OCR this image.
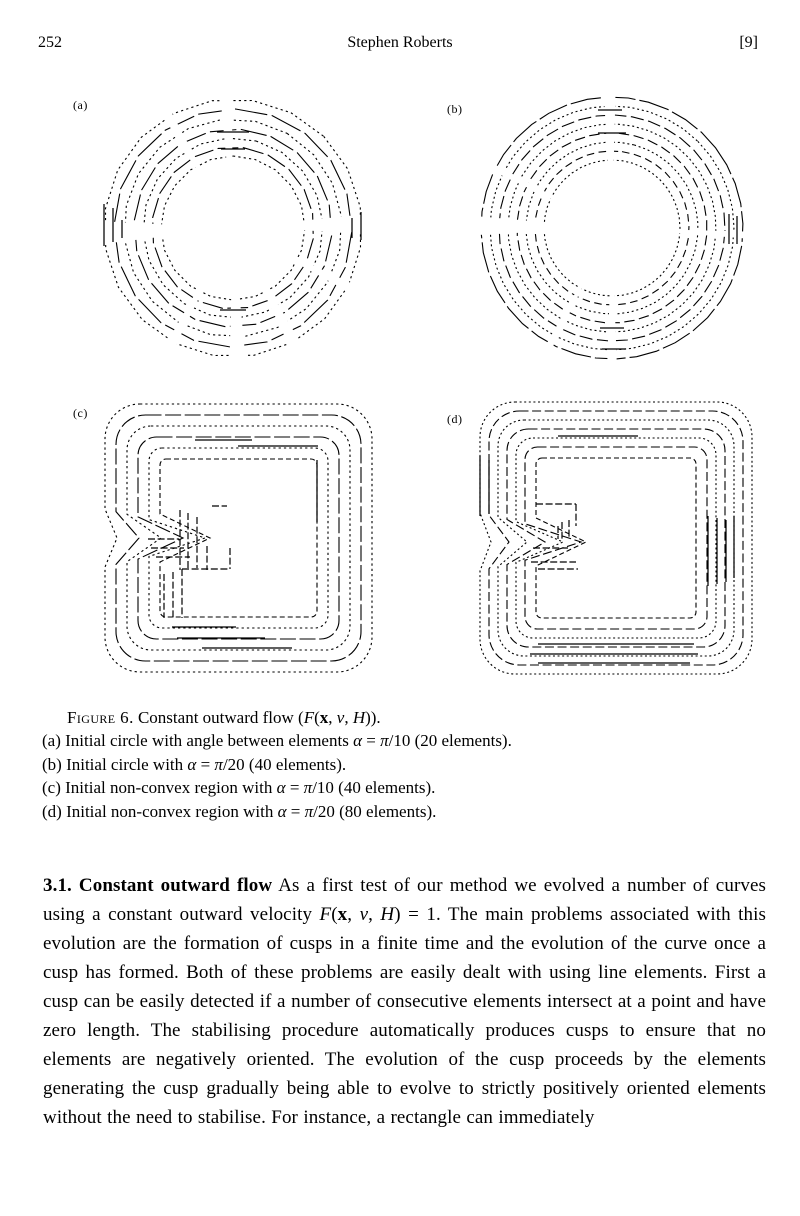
252	Stephen Roberts	[9]
(a)	(b)
(c)	(d)
Figure 6. Constant outward flow (F(x, v, H)).
(a) Initial circle with angle between elements α = π/10 (20 elements).
(b) Initial circle with α = π/20 (40 elements).
(c) Initial non-convex region with α = π/10 (40 elements).
(d) Initial non-convex region with α = π/20 (80 elements).
3.1. Constant outward flow As a first test of our method we evolved a number of curves using a constant outward velocity F(x, v, H) = 1. The main problems associated with this evolution are the formation of cusps in a finite time and the evolution of the curve once a cusp has formed. Both of these problems are easily dealt with using line elements. First a cusp can be easily detected if a number of consecutive elements intersect at a point and have zero length. The stabilising procedure automatically produces cusps to ensure that no elements are negatively oriented. The evolution of the cusp proceeds by the elements generating the cusp gradually being able to evolve to strictly positively oriented elements without the need to stabilise. For instance, a rectangle can immediately
